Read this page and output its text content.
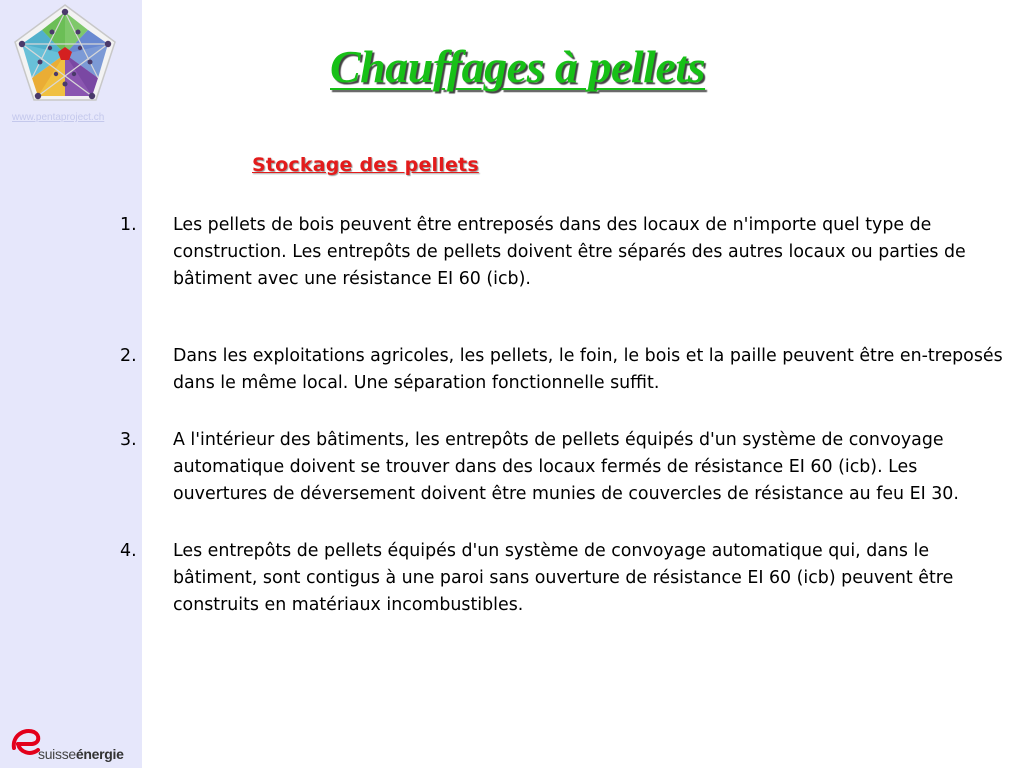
www.pentaproject.ch
suisseénergie
Chauffages à pellets
Stockage des pellets
1. Les pellets de bois peuvent être entreposés dans des locaux de n'importe quel type de construction. Les entrepôts de pellets doivent être séparés des autres locaux ou parties de bâtiment avec une résistance EI 60 (icb).
2. Dans les exploitations agricoles, les pellets, le foin, le bois et la paille peuvent être en-treposés dans le même local. Une séparation fonctionnelle suffit.
3. A l'intérieur des bâtiments, les entrepôts de pellets équipés d'un système de convoyage automatique doivent se trouver dans des locaux fermés de résistance EI 60 (icb). Les ouvertures de déversement doivent être munies de couvercles de résistance au feu EI 30.
4. Les entrepôts de pellets équipés d'un système de convoyage automatique qui, dans le bâtiment, sont contigus à une paroi sans ouverture de résistance EI 60 (icb) peuvent être construits en matériaux incombustibles.
